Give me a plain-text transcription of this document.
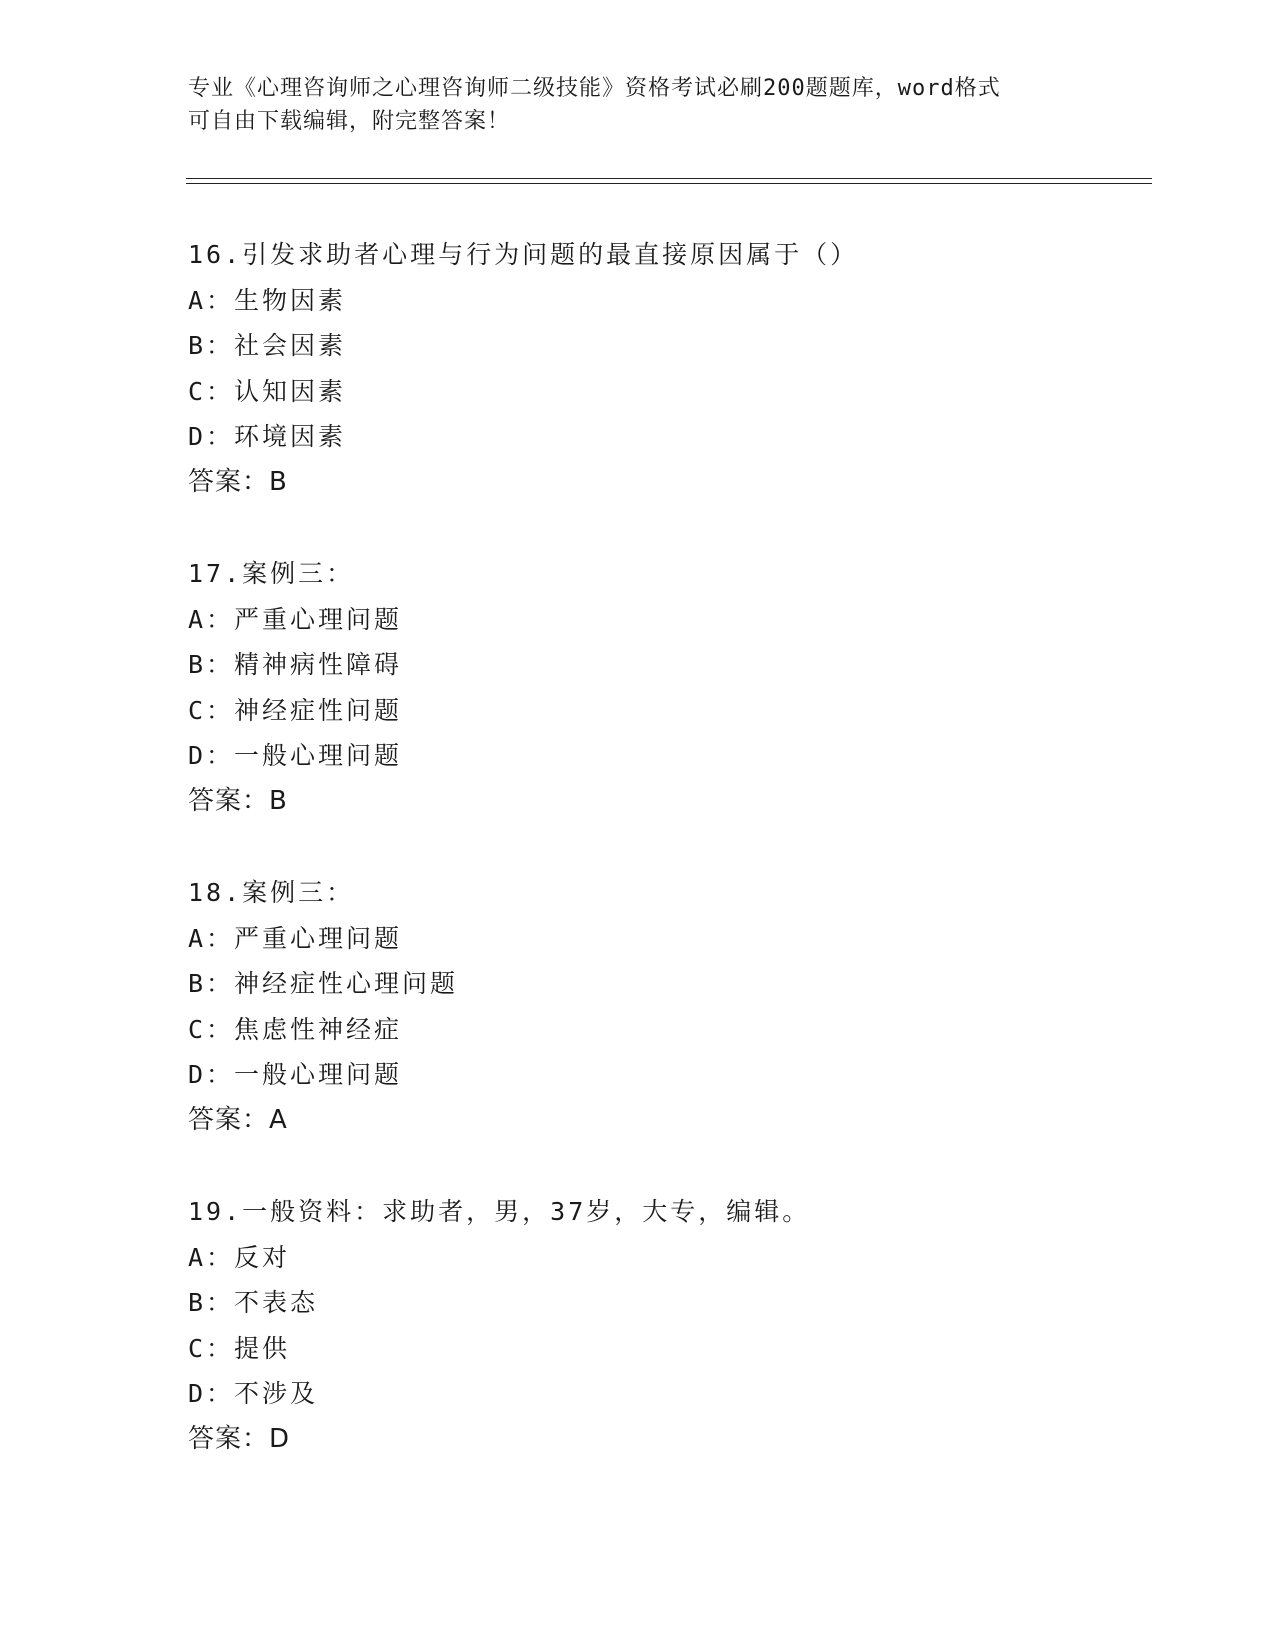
专业《心理咨询师之心理咨询师二级技能》资格考试必刷200题题库，word格式
可自由下载编辑，附完整答案！
16.引发求助者心理与行为问题的最直接原因属于（）
A：生物因素
B：社会因素
C：认知因素
D：环境因素
答案：B
17.案例三：
A：严重心理问题
B：精神病性障碍
C：神经症性问题
D：一般心理问题
答案：B
18.案例三：
A：严重心理问题
B：神经症性心理问题
C：焦虑性神经症
D：一般心理问题
答案：A
19.一般资料：求助者，男，37岁，大专，编辑。
A：反对
B：不表态
C：提供
D：不涉及
答案：D
